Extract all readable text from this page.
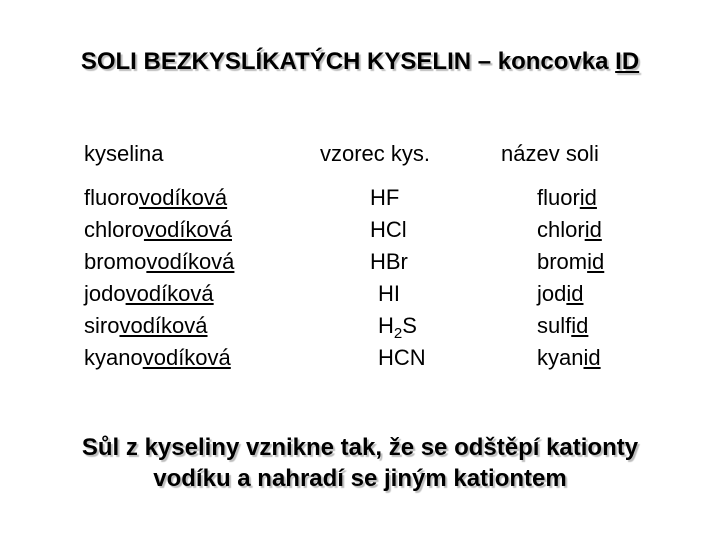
SOLI BEZKYSLÍKATÝCH KYSELIN – koncovka ID
kyselina	vzorec kys.	název soli
fluorovodíková
chlorovodíková
bromovodíková
jodovodíková
sirovodíková
kyanovodíková
HF
HCl
HBr
HI
$H_2S$
HCN
fluorid
chlorid
bromid
jodid
sulfid
kyanid
Sůl z kyseliny vznikne tak, že se odštěpí kationty
vodíku a nahradí se jiným kationtem
